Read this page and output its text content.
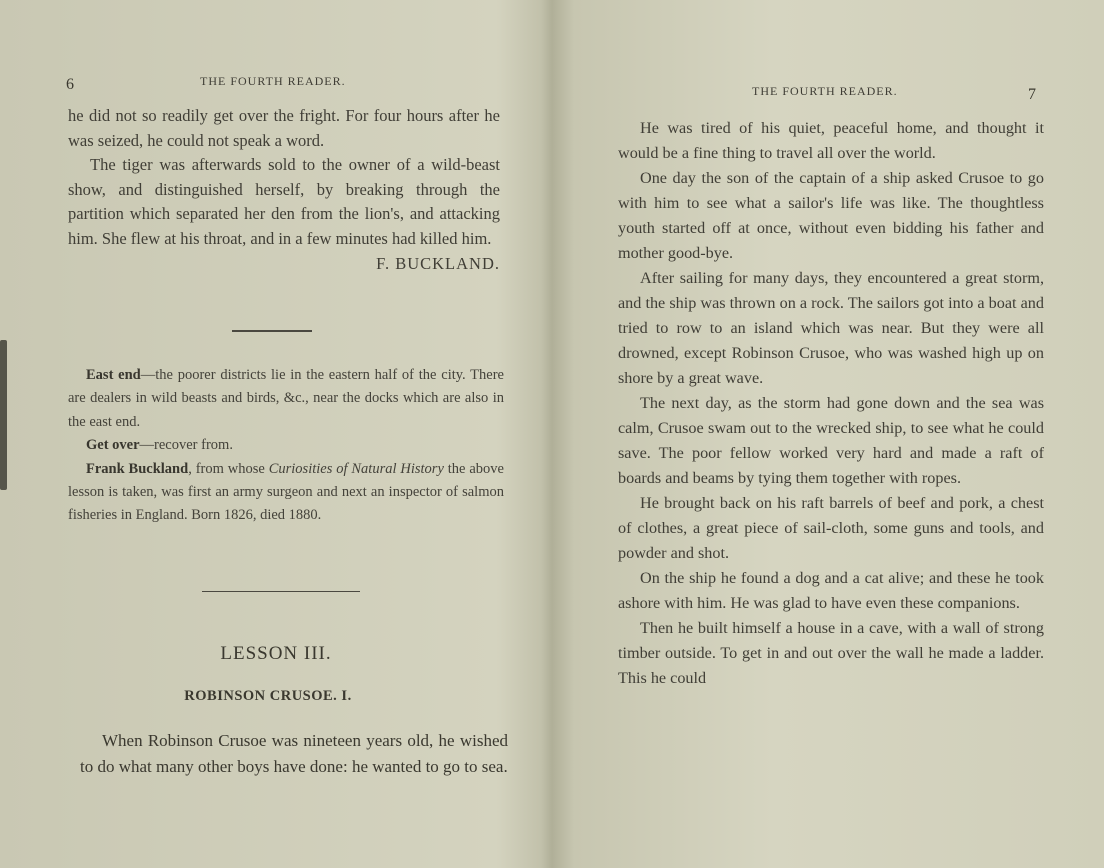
6	THE FOURTH READER.

he did not so readily get over the fright. For four hours after he was seized, he could not speak a word.

The tiger was afterwards sold to the owner of a wild-beast show, and distinguished herself, by breaking through the partition which separated her den from the lion's, and attacking him. She flew at his throat, and in a few minutes had killed him.

F. BUCKLAND.

East end—the poorer districts lie in the eastern half of the city. There are dealers in wild beasts and birds, &c., near the docks which are also in the east end.

Get over—recover from.

Frank Buckland, from whose Curiosities of Natural History the above lesson is taken, was first an army surgeon and next an inspector of salmon fisheries in England. Born 1826, died 1880.

LESSON III.
ROBINSON CRUSOE. I.

When Robinson Crusoe was nineteen years old, he wished to do what many other boys have done: he wanted to go to sea.

THE FOURTH READER.	7

He was tired of his quiet, peaceful home, and thought it would be a fine thing to travel all over the world.

One day the son of the captain of a ship asked Crusoe to go with him to see what a sailor's life was like. The thoughtless youth started off at once, without even bidding his father and mother good-bye.

After sailing for many days, they encountered a great storm, and the ship was thrown on a rock. The sailors got into a boat and tried to row to an island which was near. But they were all drowned, except Robinson Crusoe, who was washed high up on shore by a great wave.

The next day, as the storm had gone down and the sea was calm, Crusoe swam out to the wrecked ship, to see what he could save. The poor fellow worked very hard and made a raft of boards and beams by tying them together with ropes.

He brought back on his raft barrels of beef and pork, a chest of clothes, a great piece of sail-cloth, some guns and tools, and powder and shot.

On the ship he found a dog and a cat alive; and these he took ashore with him. He was glad to have even these companions.

Then he built himself a house in a cave, with a wall of strong timber outside. To get in and out over the wall he made a ladder. This he could
